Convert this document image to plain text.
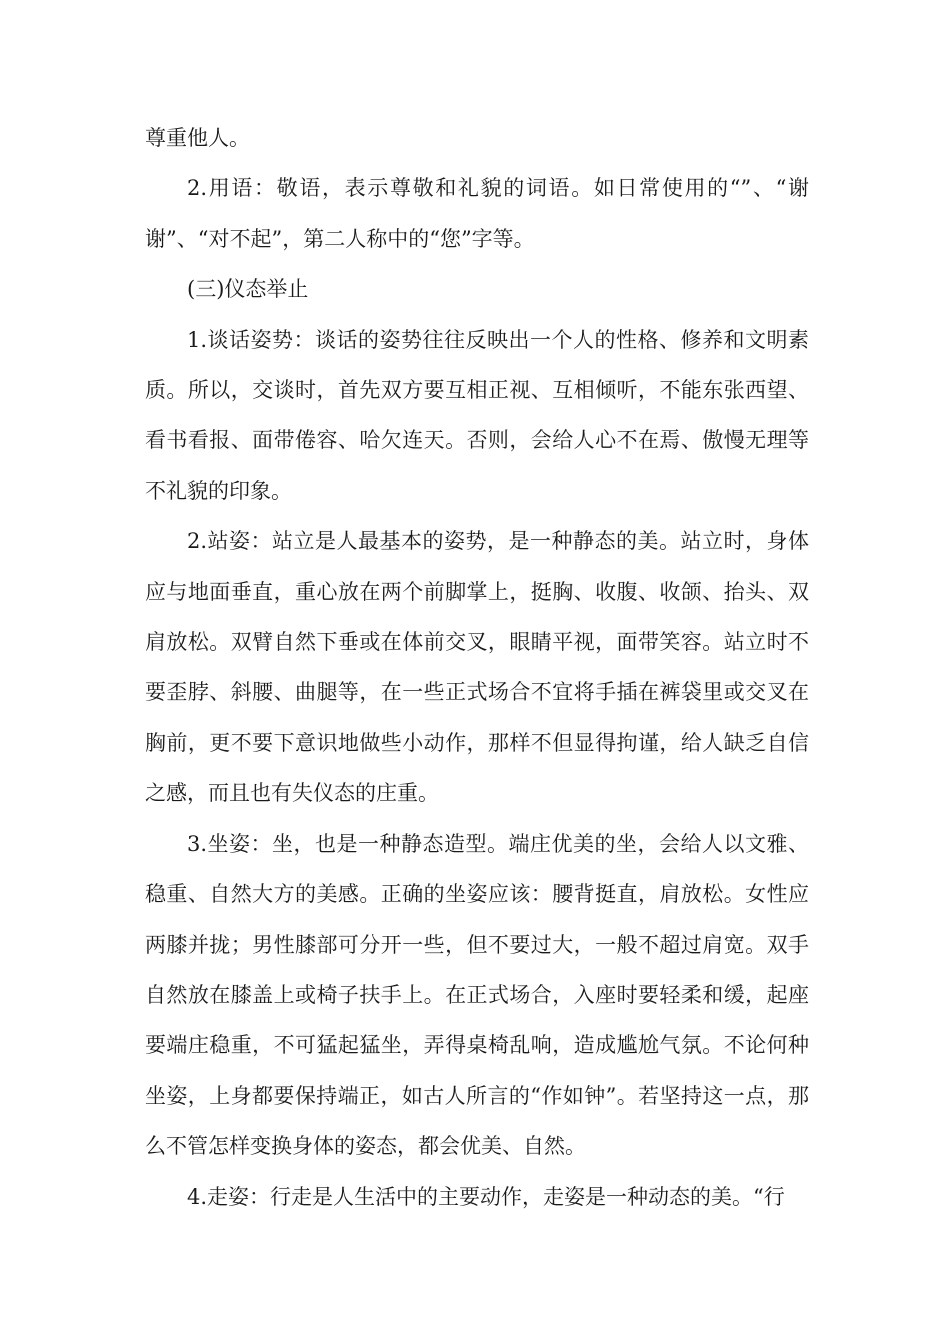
尊重他人。

2.用语：敬语，表示尊敬和礼貌的词语。如日常使用的“”、“谢谢”、“对不起”，第二人称中的“您”字等。

(三)仪态举止

1.谈话姿势：谈话的姿势往往反映出一个人的性格、修养和文明素质。所以，交谈时，首先双方要互相正视、互相倾听，不能东张西望、看书看报、面带倦容、哈欠连天。否则，会给人心不在焉、傲慢无理等不礼貌的印象。

2.站姿：站立是人最基本的姿势，是一种静态的美。站立时，身体应与地面垂直，重心放在两个前脚掌上，挺胸、收腹、收颌、抬头、双肩放松。双臂自然下垂或在体前交叉，眼睛平视，面带笑容。站立时不要歪脖、斜腰、曲腿等，在一些正式场合不宜将手插在裤袋里或交叉在胸前，更不要下意识地做些小动作，那样不但显得拘谨，给人缺乏自信之感，而且也有失仪态的庄重。

3.坐姿：坐，也是一种静态造型。端庄优美的坐，会给人以文雅、稳重、自然大方的美感。正确的坐姿应该：腰背挺直，肩放松。女性应两膝并拢；男性膝部可分开一些，但不要过大，一般不超过肩宽。双手自然放在膝盖上或椅子扶手上。在正式场合，入座时要轻柔和缓，起座要端庄稳重，不可猛起猛坐，弄得桌椅乱响，造成尴尬气氛。不论何种坐姿，上身都要保持端正，如古人所言的“作如钟”。若坚持这一点，那么不管怎样变换身体的姿态，都会优美、自然。

4.走姿：行走是人生活中的主要动作，走姿是一种动态的美。“行
